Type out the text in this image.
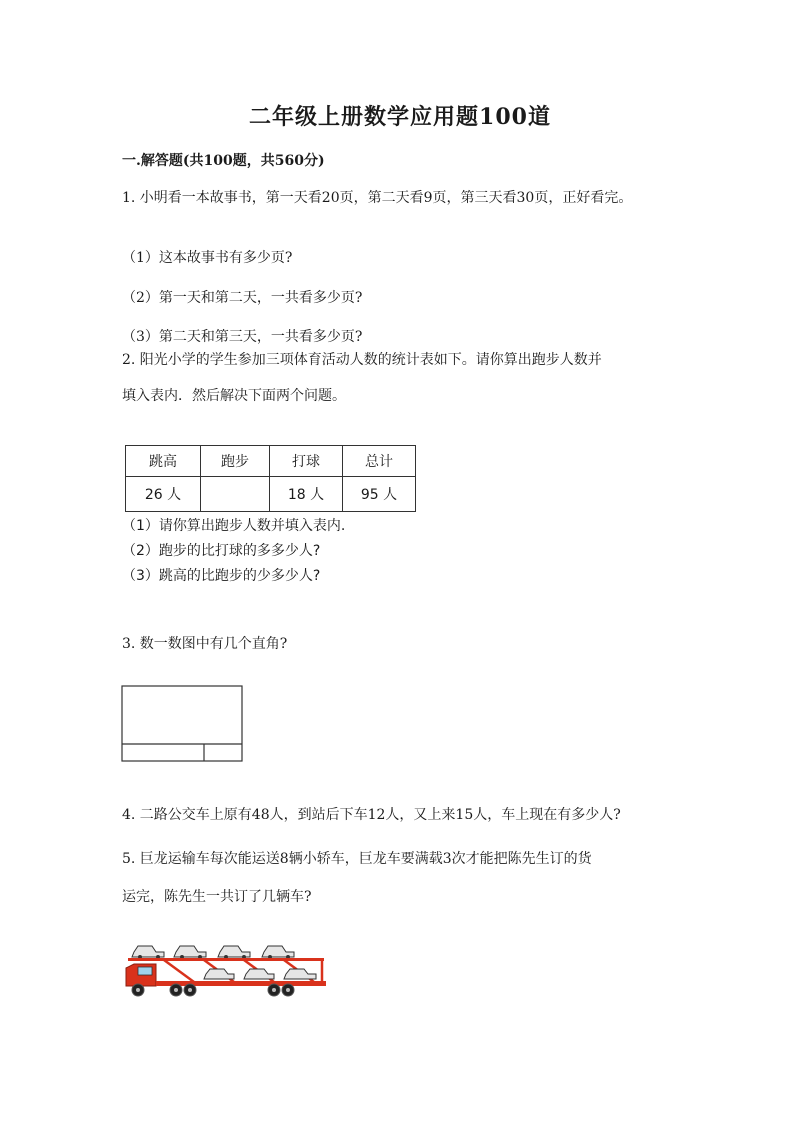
二年级上册数学应用题100道
一.解答题(共100题，共560分)
1. 小明看一本故事书，第一天看20页，第二天看9页，第三天看30页，正好看完。
（1）这本故事书有多少页?
（2）第一天和第二天，一共看多少页?
（3）第二天和第三天，一共看多少页?
2. 阳光小学的学生参加三项体育活动人数的统计表如下。请你算出跑步人数并
填入表内．然后解决下面两个问题。
跳高	跑步	打球	总计
26 人		18 人	95 人
（1）请你算出跑步人数并填入表内.
（2）跑步的比打球的多多少人?
（3）跳高的比跑步的少多少人?
3. 数一数图中有几个直角?
4. 二路公交车上原有48人，到站后下车12人，又上来15人，车上现在有多少人?
5. 巨龙运输车每次能运送8辆小轿车，巨龙车要满载3次才能把陈先生订的货
运完，陈先生一共订了几辆车?
